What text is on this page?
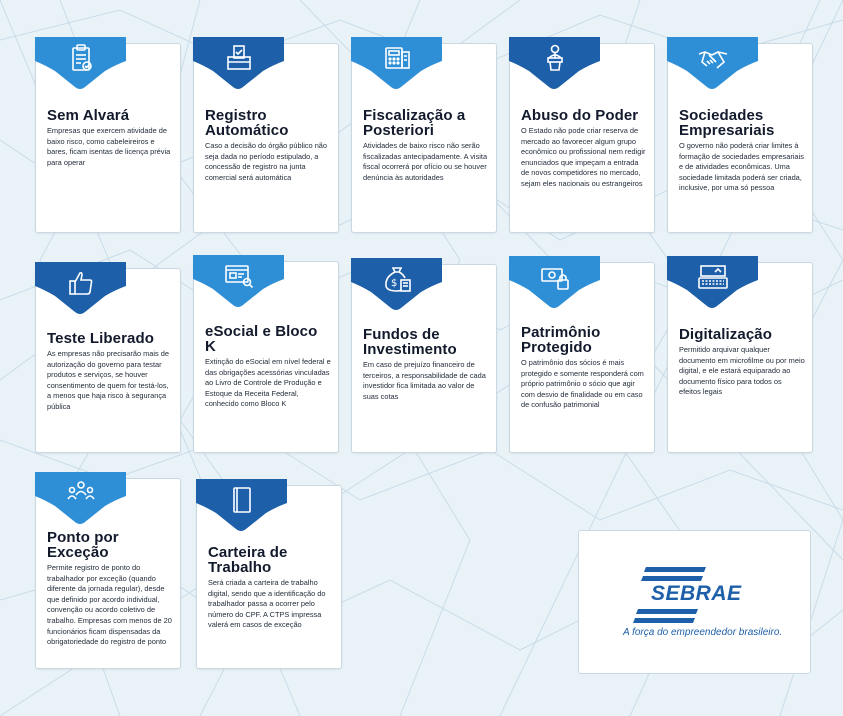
Sem Alvará

Empresas que exercem atividade de baixo risco, como cabeleireiros e bares, ficam isentas de licença prévia para operar

Registro Automático

Caso a decisão do órgão público não seja dada no período estipulado, a concessão de registro na junta comercial será automática

Fiscalização a Posteriori

Atividades de baixo risco não serão fiscalizadas antecipadamente. A visita fiscal ocorrerá por ofício ou se houver denúncia às autoridades

Abuso do Poder

O Estado não pode criar reserva de mercado ao favorecer algum grupo econômico ou profissional nem redigir enunciados que impeçam a entrada de novos competidores no mercado, sejam eles nacionais ou estrangeiros

Sociedades Empresariais

O governo não poderá criar limites à formação de sociedades empresariais e de atividades econômicas. Uma sociedade limitada poderá ser criada, inclusive, por uma só pessoa

Teste Liberado

As empresas não precisarão mais de autorização do governo para testar produtos e serviços, se houver consentimento de quem for testá-los, a menos que haja risco à segurança pública

eSocial e Bloco K

Extinção do eSocial em nível federal e das obrigações acessórias vinculadas ao Livro de Controle de Produção e Estoque da Receita Federal, conhecido como Bloco K

$
Fundos de Investimento

Em caso de prejuízo financeiro de terceiros, a responsabilidade de cada investidor fica limitada ao valor de suas cotas

Patrimônio Protegido

O patrimônio dos sócios é mais protegido e somente responderá com próprio patrimônio o sócio que agir com desvio de finalidade ou em caso de confusão patrimonial

Digitalização

Permitido arquivar qualquer documento em microfilme ou por meio digital, e ele estará equiparado ao documento físico para todos os efeitos legais

Ponto por Exceção

Permite registro de ponto do trabalhador por exceção (quando diferente da jornada regular), desde que definido por acordo individual, convenção ou acordo coletivo de trabalho. Empresas com menos de 20 funcionários ficam dispensadas da obrigatoriedade do registro de ponto

Carteira de Trabalho

Será criada a carteira de trabalho digital, sendo que a identificação do trabalhador passa a ocorrer pelo número do CPF. A CTPS impressa valerá em casos de exceção

SEBRAE
A força do empreendedor brasileiro.
